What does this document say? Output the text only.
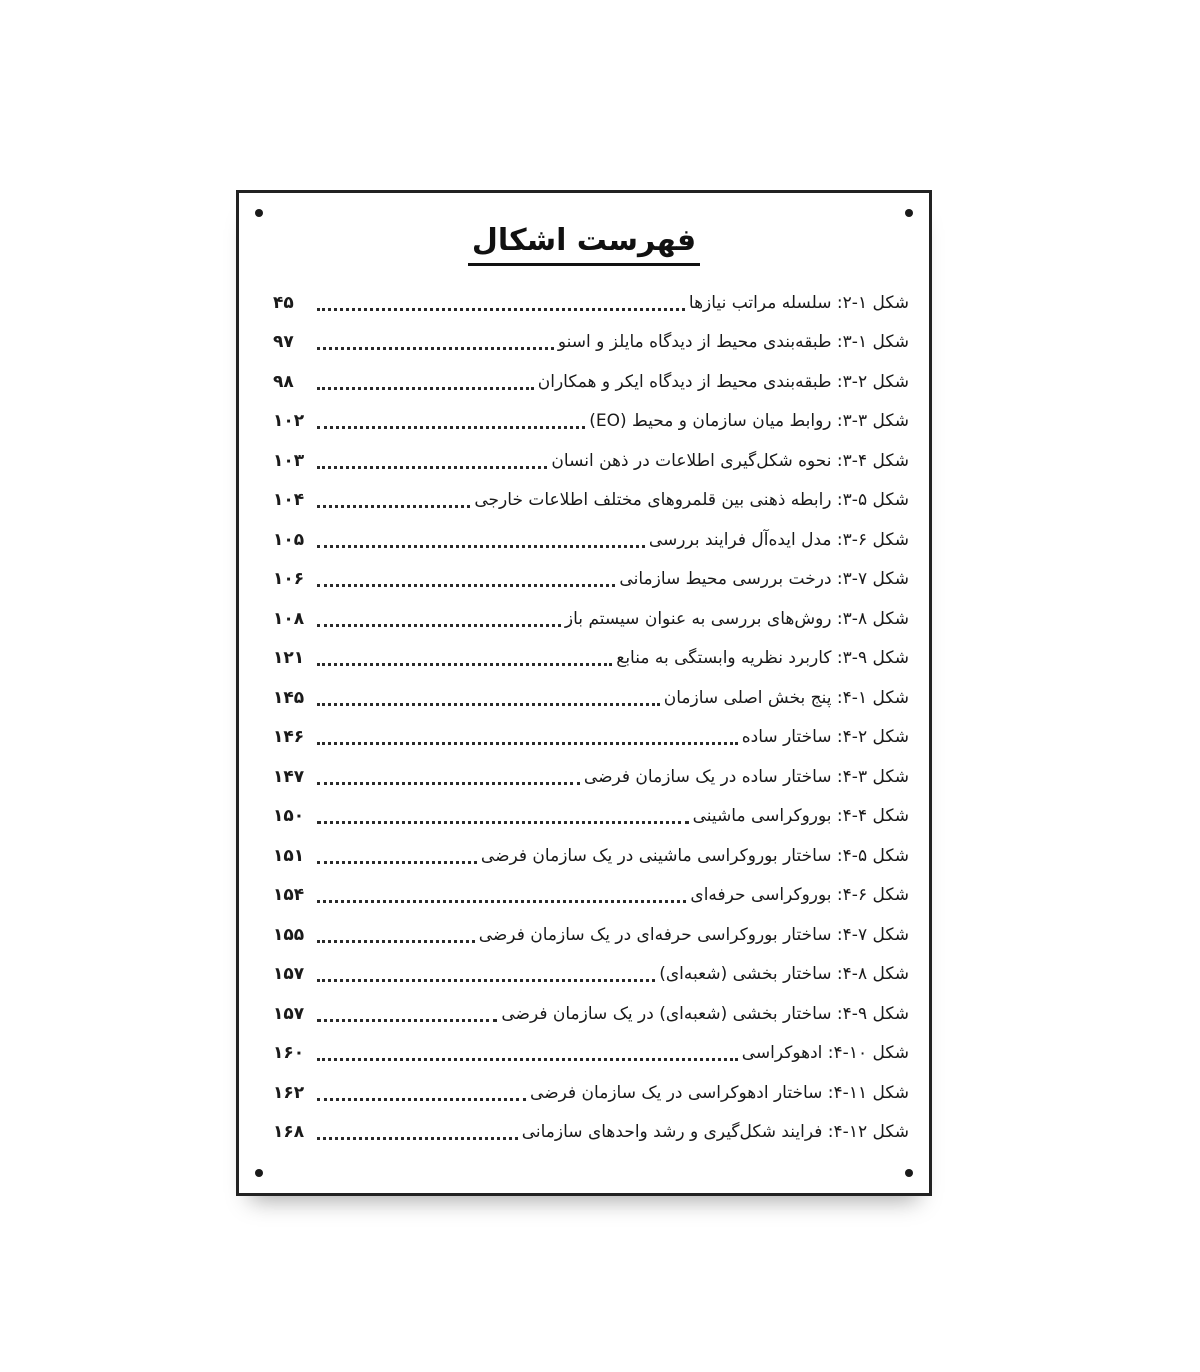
فهرست اشکال
شکل ۱-۲: سلسله مراتب نیازها
۴۵
شکل ۱-۳: طبقه‌بندی محیط از دیدگاه مایلز و اسنو
۹۷
شکل ۲-۳: طبقه‌بندی محیط از دیدگاه ایکر و همکاران
۹۸
شکل ۳-۳: روابط میان سازمان و محیط (EO)
۱۰۲
شکل ۴-۳: نحوه شکل‌گیری اطلاعات در ذهن انسان
۱۰۳
شکل ۵-۳: رابطه ذهنی بین قلمروهای مختلف اطلاعات خارجی
۱۰۴
شکل ۶-۳: مدل ایده‌آل فرایند بررسی
۱۰۵
شکل ۷-۳: درخت بررسی محیط سازمانی
۱۰۶
شکل ۸-۳: روش‌های بررسی به عنوان سیستم باز
۱۰۸
شکل ۹-۳: کاربرد نظریه وابستگی به منابع
۱۲۱
شکل ۱-۴: پنج بخش اصلی سازمان
۱۴۵
شکل ۲-۴: ساختار ساده
۱۴۶
شکل ۳-۴: ساختار ساده در یک سازمان فرضی
۱۴۷
شکل ۴-۴: بوروکراسی ماشینی
۱۵۰
شکل ۵-۴: ساختار بوروکراسی ماشینی در یک سازمان فرضی
۱۵۱
شکل ۶-۴: بوروکراسی حرفه‌ای
۱۵۴
شکل ۷-۴: ساختار بوروکراسی حرفه‌ای در یک سازمان فرضی
۱۵۵
شکل ۸-۴: ساختار بخشی (شعبه‌ای)
۱۵۷
شکل ۹-۴: ساختار بخشی (شعبه‌ای) در یک سازمان فرضی
۱۵۷
شکل ۱۰-۴: ادهوکراسی
۱۶۰
شکل ۱۱-۴: ساختار ادهوکراسی در یک سازمان فرضی
۱۶۲
شکل ۱۲-۴: فرایند شکل‌گیری و رشد واحدهای سازمانی
۱۶۸
